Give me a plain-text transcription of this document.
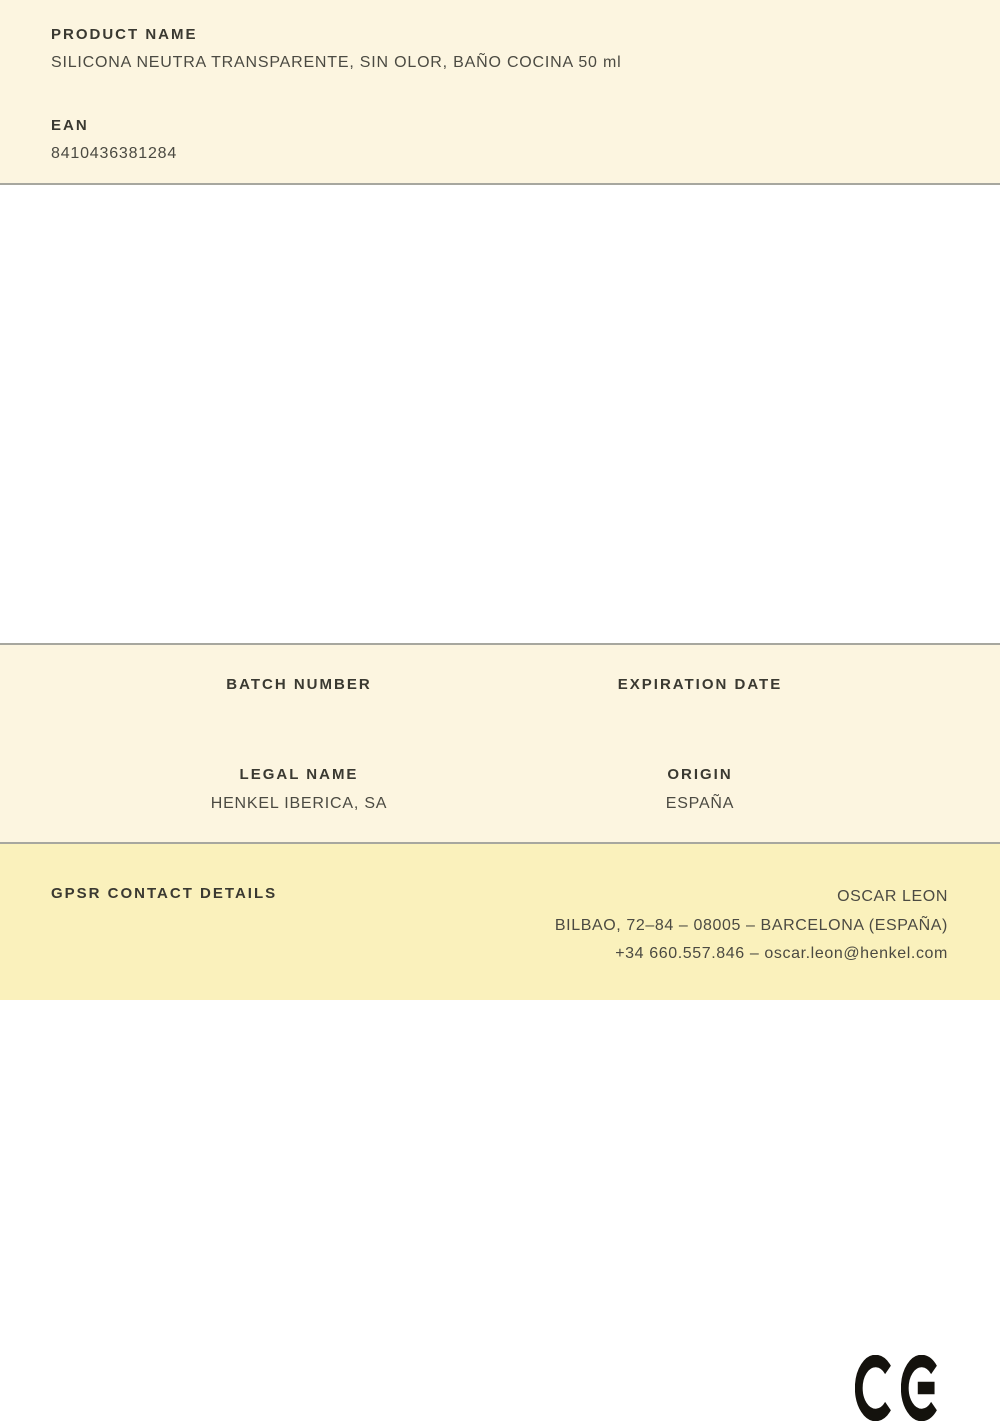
PRODUCT NAME
SILICONA NEUTRA TRANSPARENTE, SIN OLOR, BAÑO COCINA 50 ml
EAN
8410436381284
BATCH NUMBER	EXPIRATION DATE
LEGAL NAME
HENKEL IBERICA, SA
ORIGIN
ESPAÑA
GPSR CONTACT DETAILS	OSCAR LEON
BILBAO, 72–84 – 08005 – BARCELONA (ESPAÑA)
+34 660.557.846 – oscar.leon@henkel.com
